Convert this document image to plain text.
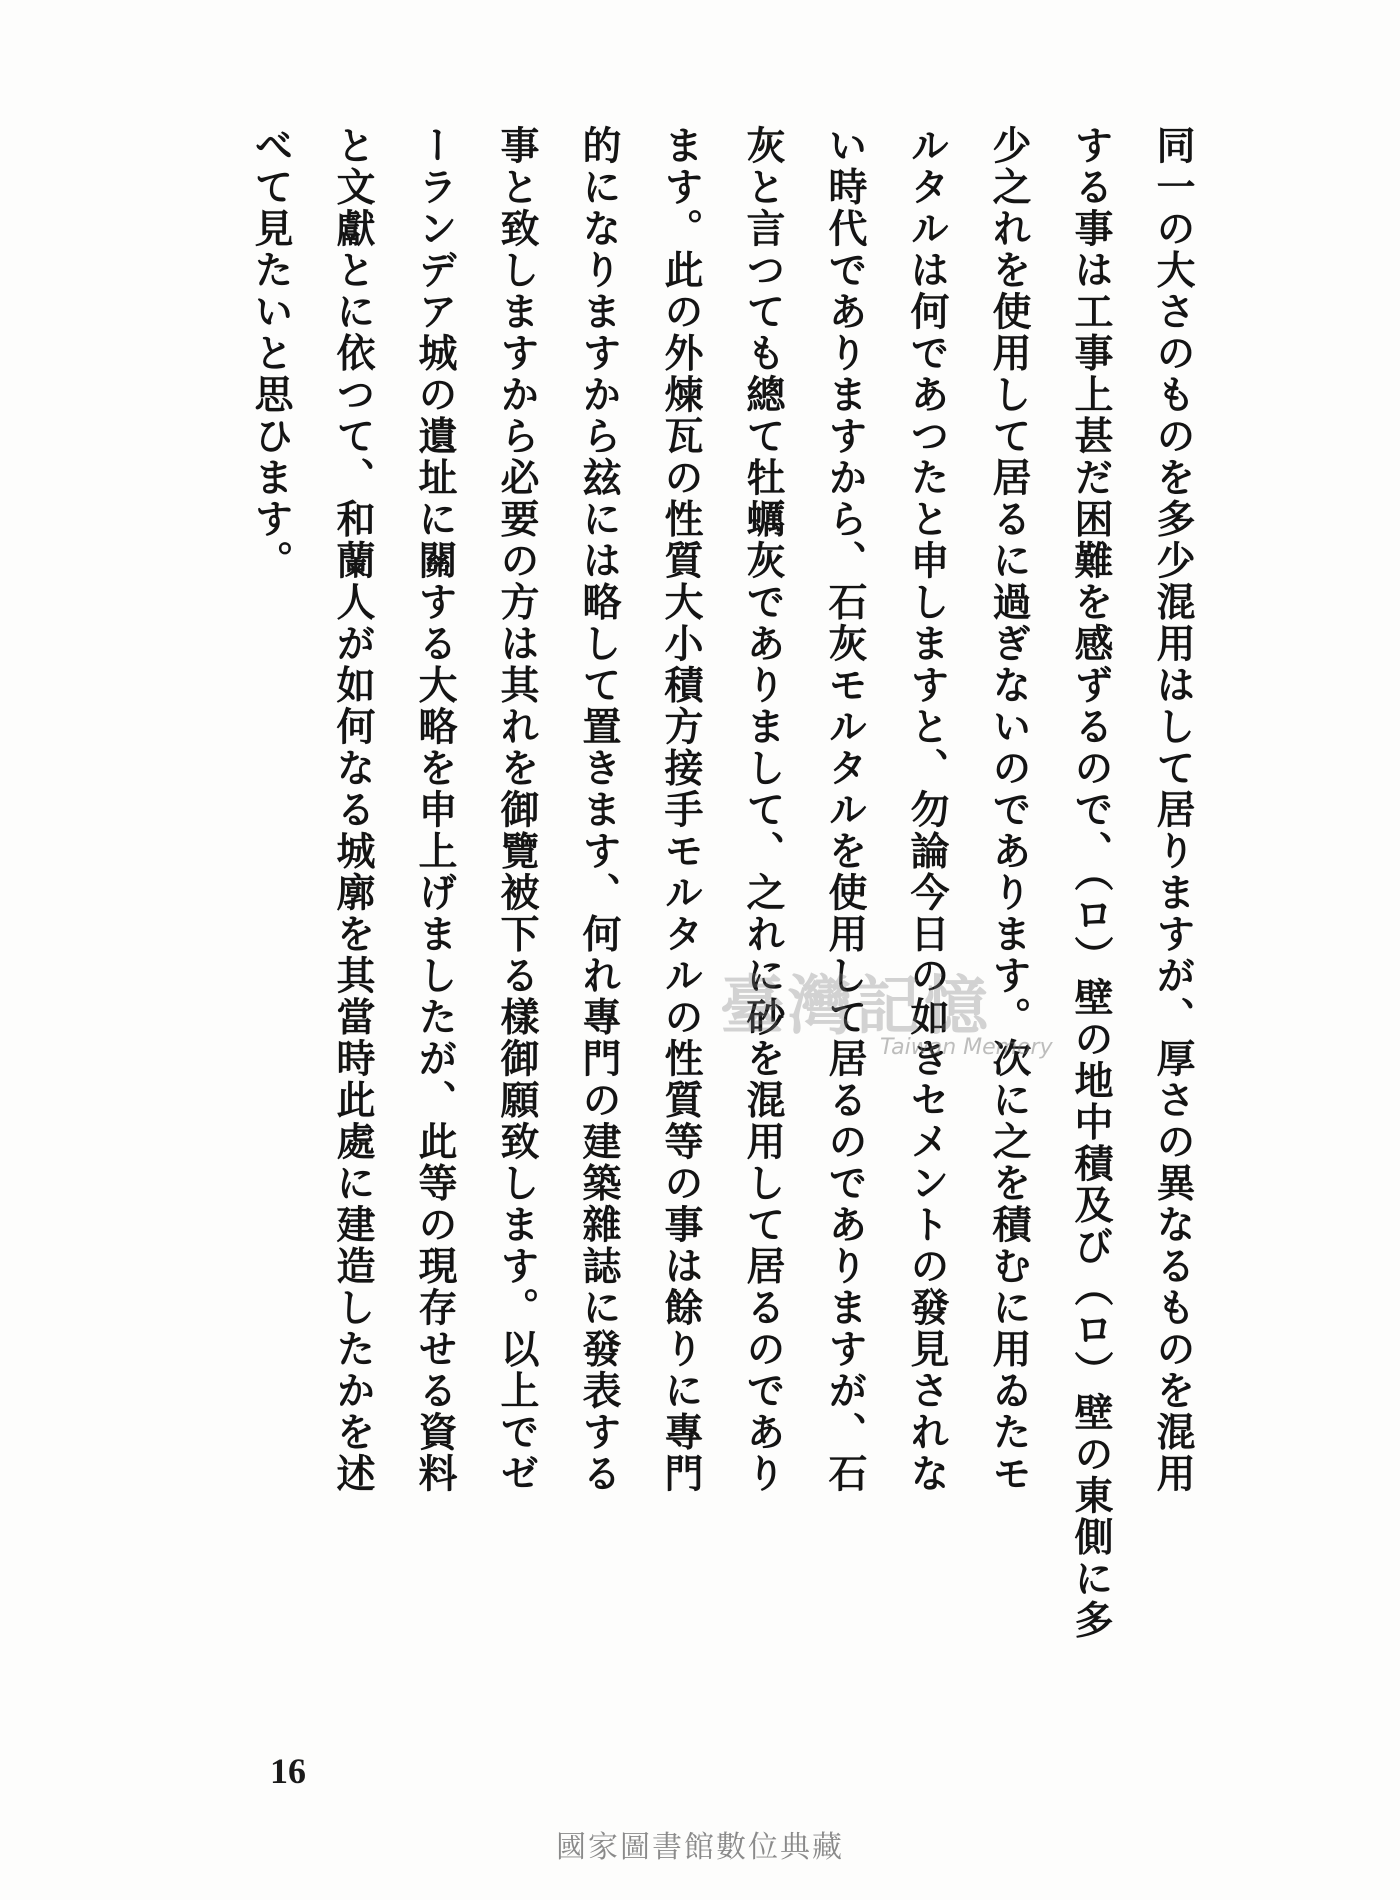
同一の大さのものを多少混用はして居りますが、厚さの異なるものを混用
する事は工事上甚だ困難を感ずるので、（ロ）壁の地中積及び（ロ）壁の東側に多
少之れを使用して居るに過ぎないのであります。次に之を積むに用ゐたモ
ルタルは何であつたと申しますと、勿論今日の如きセメントの發見されな
い時代でありますから、石灰モルタルを使用して居るのでありますが、石
灰と言つても總て牡蠣灰でありまして、之れに砂を混用して居るのであり
ます。此の外煉瓦の性質大小積方接手モルタルの性質等の事は餘りに專門
的になりますから玆には略して置きます、何れ專門の建築雜誌に發表する
事と致しますから必要の方は其れを御覽被下る樣御願致します。以上でゼ
ーランデア城の遺址に關する大略を申上げましたが、此等の現存せる資料
と文獻とに依つて、和蘭人が如何なる城廓を其當時此處に建造したかを述
べて見たいと思ひます。
臺灣記憶
Taiwan Memory
16
國家圖書館數位典藏
